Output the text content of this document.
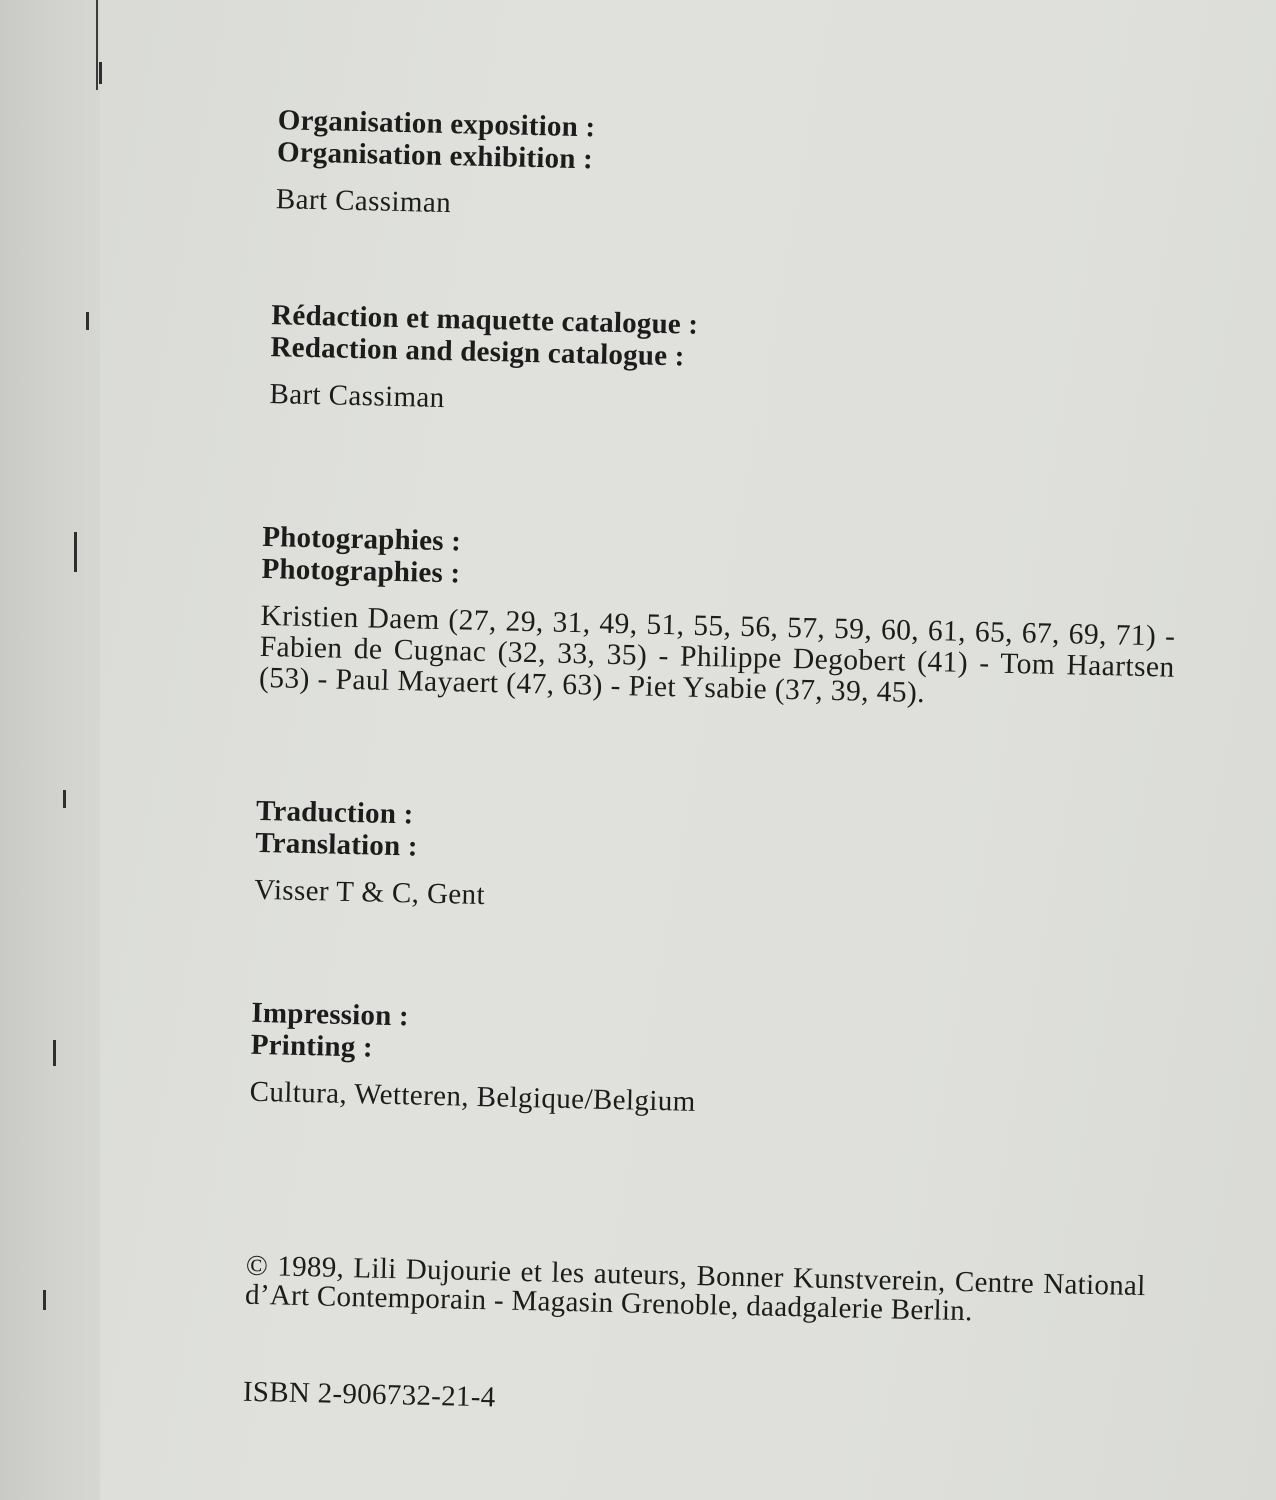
Organisation exposition :
Organisation exhibition :
Bart Cassiman
Rédaction et maquette catalogue :
Redaction and design catalogue :
Bart Cassiman
Photographies :
Photographies :
Kristien Daem (27, 29, 31, 49, 51, 55, 56, 57, 59, 60, 61, 65, 67, 69, 71) - Fabien de Cugnac (32, 33, 35) - Philippe Degobert (41) - Tom Haartsen (53) - Paul Mayaert (47, 63) - Piet Ysabie (37, 39, 45).
Traduction :
Translation :
Visser T & C, Gent
Impression :
Printing :
Cultura, Wetteren, Belgique/Belgium
© 1989, Lili Dujourie et les auteurs, Bonner Kunstverein, Centre National d’Art Contemporain - Magasin Grenoble, daadgalerie Berlin.
ISBN 2-906732-21-4
